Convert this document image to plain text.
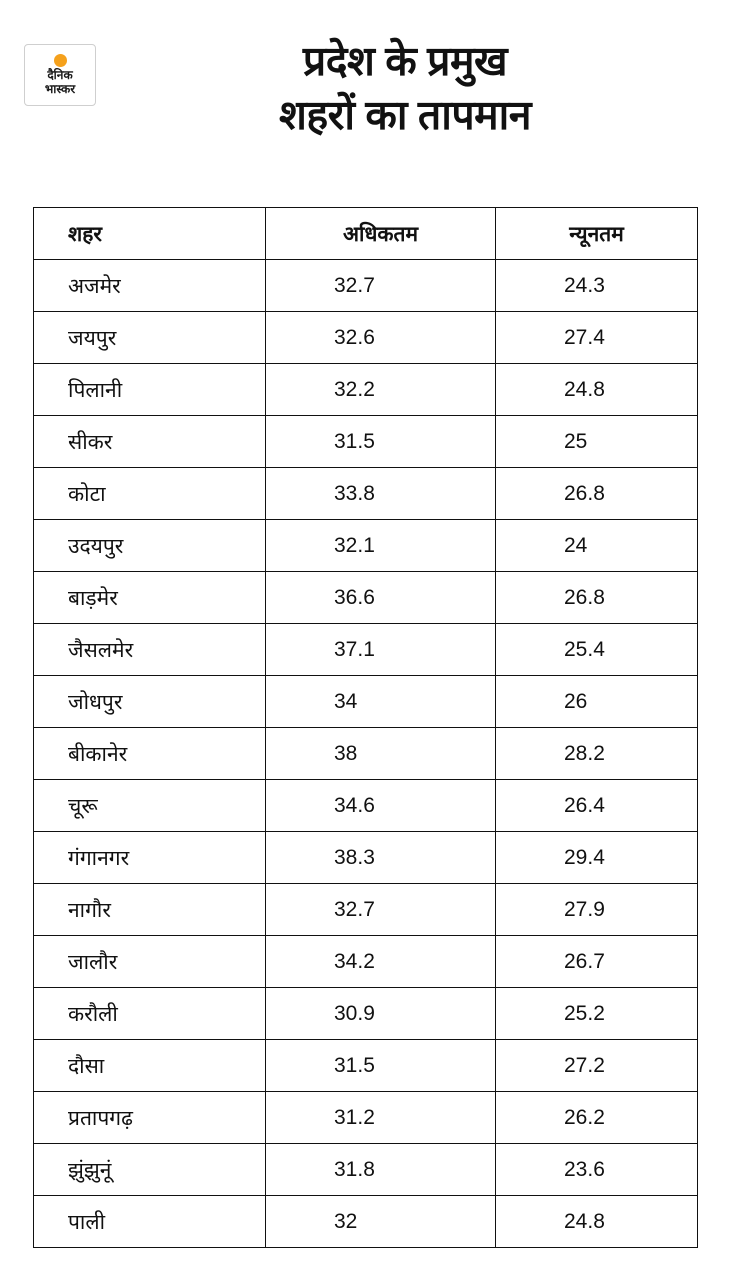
दैनिक
भास्कर
प्रदेश के प्रमुख
शहरों का तापमान
शहर	अधिकतम	न्यूनतम
अजमेर	32.7	24.3
जयपुर	32.6	27.4
पिलानी	32.2	24.8
सीकर	31.5	25
कोटा	33.8	26.8
उदयपुर	32.1	24
बाड़मेर	36.6	26.8
जैसलमेर	37.1	25.4
जोधपुर	34	26
बीकानेर	38	28.2
चूरू	34.6	26.4
गंगानगर	38.3	29.4
नागौर	32.7	27.9
जालौर	34.2	26.7
करौली	30.9	25.2
दौसा	31.5	27.2
प्रतापगढ़	31.2	26.2
झुंझुनूं	31.8	23.6
पाली	32	24.8
